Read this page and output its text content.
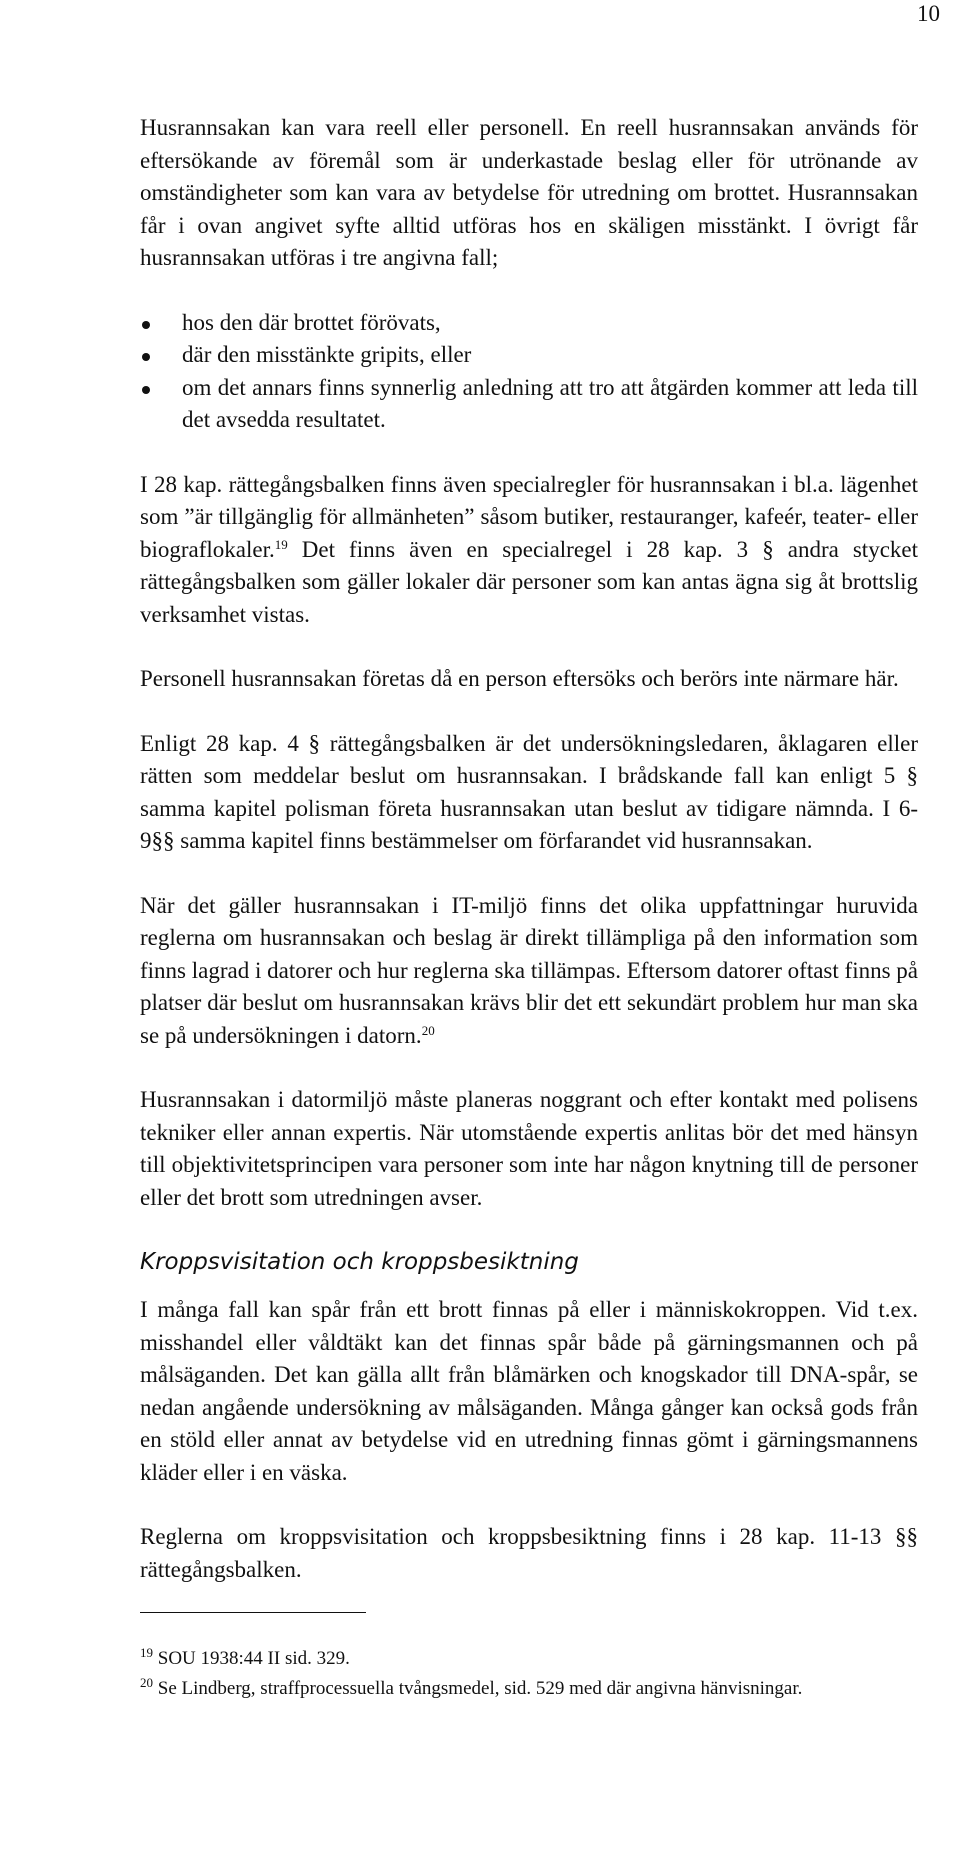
10

Husrannsakan kan vara reell eller personell. En reell husrannsakan används för eftersökande av föremål som är underkastade beslag eller för utrönande av omständigheter som kan vara av betydelse för utredning om brottet. Husrannsakan får i ovan angivet syfte alltid utföras hos en skäligen misstänkt. I övrigt får husrannsakan utföras i tre angivna fall;

hos den där brottet förövats,
där den misstänkte gripits, eller
om det annars finns synnerlig anledning att tro att åtgärden kommer att leda till det avsedda resultatet.

I 28 kap. rättegångsbalken finns även specialregler för husrannsakan i bl.a. lägenhet som ”är tillgänglig för allmänheten” såsom butiker, restauranger, kafeér, teater- eller biograflokaler.$^{19}$ Det finns även en specialregel i 28 kap. 3 § andra stycket rättegångsbalken som gäller lokaler där personer som kan antas ägna sig åt brottslig verksamhet vistas.

Personell husrannsakan företas då en person eftersöks och berörs inte närmare här.

Enligt 28 kap. 4 § rättegångsbalken är det undersökningsledaren, åklagaren eller rätten som meddelar beslut om husrannsakan. I brådskande fall kan enligt 5 § samma kapitel polisman företa husrannsakan utan beslut av tidigare nämnda. I 6-9§§ samma kapitel finns bestämmelser om förfarandet vid husrannsakan.

När det gäller husrannsakan i IT-miljö finns det olika uppfattningar huruvida reglerna om husrannsakan och beslag är direkt tillämpliga på den information som finns lagrad i datorer och hur reglerna ska tillämpas. Eftersom datorer oftast finns på platser där beslut om husrannsakan krävs blir det ett sekundärt problem hur man ska se på undersökningen i datorn.$^{20}$

Husrannsakan i datormiljö måste planeras noggrant och efter kontakt med polisens tekniker eller annan expertis. När utomstående expertis anlitas bör det med hänsyn till objektivitetsprincipen vara personer som inte har någon knytning till de personer eller det brott som utredningen avser.

Kroppsvisitation och kroppsbesiktning

I många fall kan spår från ett brott finnas på eller i människokroppen. Vid t.ex. misshandel eller våldtäkt kan det finnas spår både på gärningsmannen och på målsäganden. Det kan gälla allt från blåmärken och knogskador till DNA-spår, se nedan angående undersökning av målsäganden. Många gånger kan också gods från en stöld eller annat av betydelse vid en utredning finnas gömt i gärningsmannens kläder eller i en väska.

Reglerna om kroppsvisitation och kroppsbesiktning finns i 28 kap. 11-13 §§ rättegångsbalken.

$^{19}$ SOU 1938:44 II sid. 329.
$^{20}$ Se Lindberg, straffprocessuella tvångsmedel, sid. 529 med där angivna hänvisningar.
